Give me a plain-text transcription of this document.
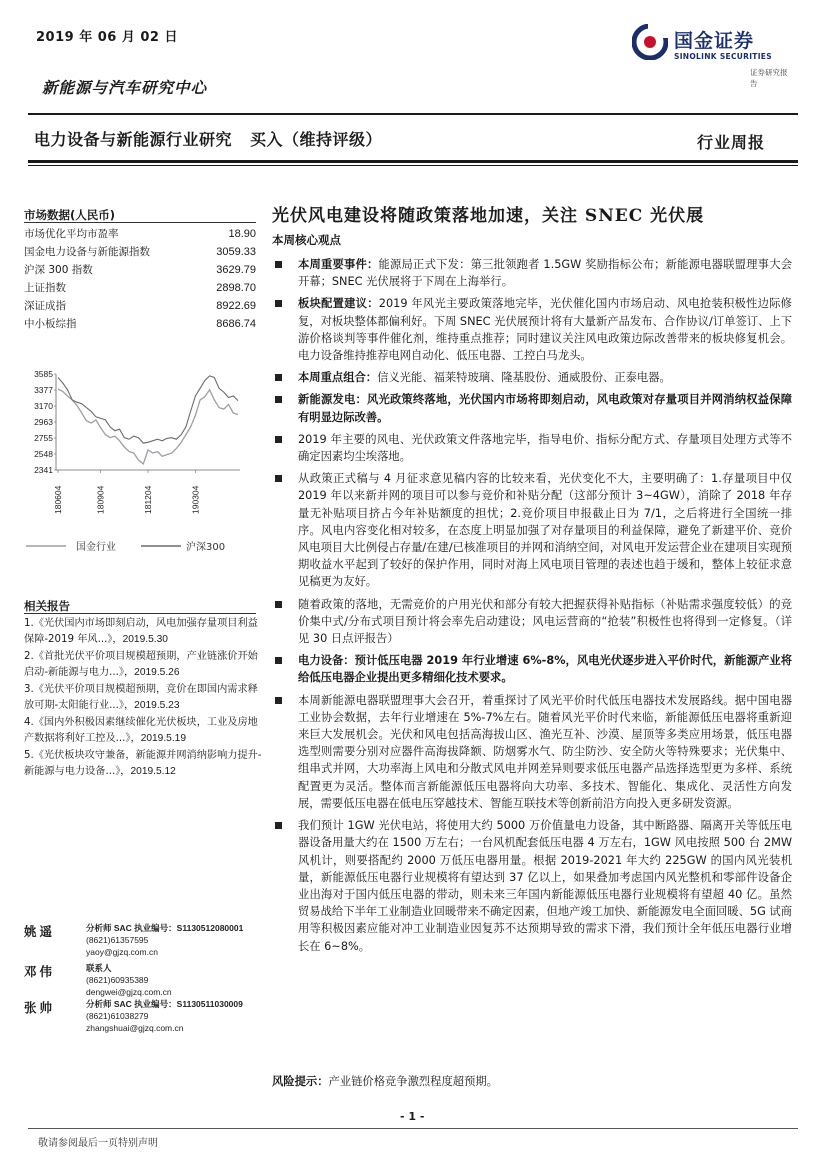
2019 年 06 月 02 日	国金证券
SINOLINK SECURITIES
证券研究报告
新能源与汽车研究中心
电力设备与新能源行业研究 买入（维持评级）	行业周报
市场数据(人民币)
市场优化平均市盈率	18.90
国金电力设备与新能源指数	3059.33
沪深 300 指数	3629.79
上证指数	2898.70
深证成指	8922.69
中小板综指	8686.74
3585
3377
3170
2963
2755
2548
2341
180604	180904	181204	190304
国金行业	沪深300
相关报告
1.《光伏国内市场即刻启动，风电加强存量项目利益保障-2019 年风...》，2019.5.30
2.《首批光伏平价项目规模超预期，产业链涨价开始启动-新能源与电力...》，2019.5.26
3.《光伏平价项目规模超预期，竞价在即国内需求释放可期-太阳能行业...》，2019.5.23
4.《国内外积极因素继续催化光伏板块，工业及房地产数据将利好工控及...》，2019.5.19
5.《光伏板块攻守兼备，新能源并网消纳影响力提升-新能源与电力设备...》，2019.5.12
姚遥	分析师 SAC 执业编号：S1130512080001
(8621)61357595
yaoy@gjzq.com.cn
邓伟	联系人
(8621)60935389
dengwei@gjzq.com.cn
张帅	分析师 SAC 执业编号：S1130511030009
(8621)61038279
zhangshuai@gjzq.com.cn
光伏风电建设将随政策落地加速，关注 SNEC 光伏展
本周核心观点
本周重要事件：能源局正式下发：第三批领跑者 1.5GW 奖励指标公布；新能源电器联盟理事大会开幕；SNEC 光伏展将于下周在上海举行。
板块配置建议：2019 年风光主要政策落地完毕，光伏催化国内市场启动、风电抢装积极性边际修复，对板块整体都偏利好。下周 SNEC 光伏展预计将有大量新产品发布、合作协议/订单签订、上下游价格谈判等事件催化剂，维持重点推荐；同时建议关注风电政策边际改善带来的板块修复机会。电力设备维持推荐电网自动化、低压电器、工控白马龙头。
本周重点组合：信义光能、福莱特玻璃、隆基股份、通威股份、正泰电器。
新能源发电：风光政策终落地，光伏国内市场将即刻启动，风电政策对存量项目并网消纳权益保障有明显边际改善。
2019 年主要的风电、光伏政策文件落地完毕，指导电价、指标分配方式、存量项目处理方式等不确定因素均尘埃落地。
从政策正式稿与 4 月征求意见稿内容的比较来看，光伏变化不大，主要明确了：1.存量项目中仅 2019 年以来新并网的项目可以参与竞价和补贴分配（这部分预计 3~4GW），消除了 2018 年存量无补贴项目挤占今年补贴额度的担忧；2.竞价项目申报截止日为 7/1，之后将进行全国统一排序。风电内容变化相对较多，在态度上明显加强了对存量项目的利益保障，避免了新建平价、竞价风电项目大比例侵占存量/在建/已核准项目的并网和消纳空间，对风电开发运营企业在建项目实现预期收益水平起到了较好的保护作用，同时对海上风电项目管理的表述也趋于缓和，整体上较征求意见稿更为友好。
随着政策的落地，无需竞价的户用光伏和部分有较大把握获得补贴指标（补贴需求强度较低）的竞价集中式/分布式项目预计将会率先启动建设；风电运营商的“抢装”积极性也将得到一定修复。（详见 30 日点评报告）
电力设备：预计低压电器 2019 年行业增速 6%-8%，风电光伏逐步进入平价时代，新能源产业将给低压电器企业提出更多精细化技术要求。
本周新能源电器联盟理事大会召开，着重探讨了风光平价时代低压电器技术发展路线。据中国电器工业协会数据，去年行业增速在 5%-7%左右。随着风光平价时代来临，新能源低压电器将重新迎来巨大发展机会。光伏和风电包括高海拔山区、渔光互补、沙漠、屋顶等多类应用场景，低压电器选型则需要分别对应器件高海拔降额、防烟雾水气、防尘防沙、安全防火等特殊要求；光伏集中、组串式并网，大功率海上风电和分散式风电并网差异则要求低压电器产品选择选型更为多样、系统配置更为灵活。整体而言新能源低压电器将向大功率、多技术、智能化、集成化、灵活性方向发展，需要低压电器在低电压穿越技术、智能互联技术等创新前沿方向投入更多研发资源。
我们预计 1GW 光伏电站，将使用大约 5000 万价值量电力设备，其中断路器、隔离开关等低压电器设备用量大约在 1500 万左右；一台风机配套低压电器 4 万左右，1GW 风电按照 500 台 2MW 风机计，则要搭配约 2000 万低压电器用量。根据 2019-2021 年大约 225GW 的国内风光装机量，新能源低压电器行业规模将有望达到 37 亿以上，如果叠加考虑国内风光整机和零部件设备企业出海对于国内低压电器的带动，则未来三年国内新能源低压电器行业规模将有望超 40 亿。虽然贸易战给下半年工业制造业回暖带来不确定因素，但地产竣工加快、新能源发电全面回暖、5G 试商用等积极因素应能对冲工业制造业因复苏不达预期导致的需求下滑，我们预计全年低压电器行业增长在 6~8%。
风险提示：产业链价格竞争激烈程度超预期。
- 1 -
敬请参阅最后一页特别声明
